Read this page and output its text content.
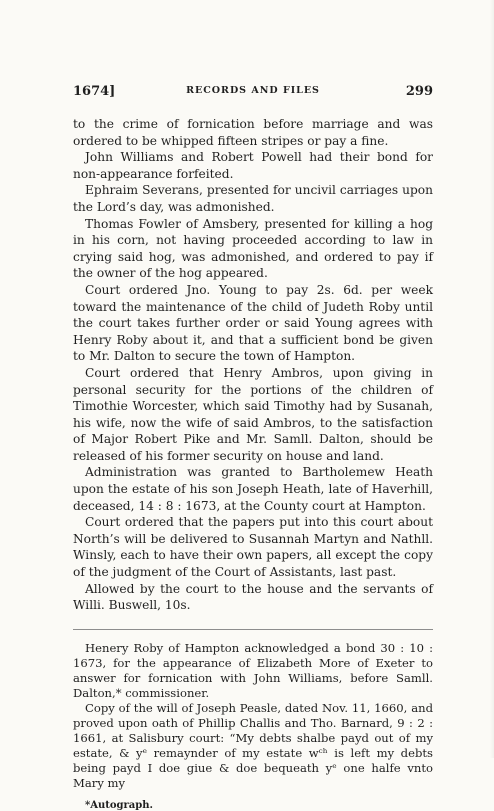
1674]	RECORDS AND FILES	299

to the crime of fornication before marriage and was ordered to be whipped fifteen stripes or pay a fine.

John Williams and Robert Powell had their bond for non-appearance forfeited.

Ephraim Severans, presented for uncivil carriages upon the Lord’s day, was admonished.

Thomas Fowler of Amsbery, presented for killing a hog in his corn, not having proceeded according to law in crying said hog, was admonished, and ordered to pay if the owner of the hog appeared.

Court ordered Jno. Young to pay 2s. 6d. per week toward the maintenance of the child of Judeth Roby until the court takes further order or said Young agrees with Henry Roby about it, and that a sufficient bond be given to Mr. Dalton to secure the town of Hampton.

Court ordered that Henry Ambros, upon giving in personal security for the portions of the children of Timothie Worcester, which said Timothy had by Susanah, his wife, now the wife of said Ambros, to the satisfaction of Major Robert Pike and Mr. Samll. Dalton, should be released of his former security on house and land.

Administration was granted to Bartholemew Heath upon the estate of his son Joseph Heath, late of Haverhill, deceased, 14 : 8 : 1673, at the County court at Hampton.

Court ordered that the papers put into this court about North’s will be delivered to Susannah Martyn and Nathll. Winsly, each to have their own papers, all except the copy of the judgment of the Court of Assistants, last past.

Allowed by the court to the house and the servants of Willi. Buswell, 10s.

Henery Roby of Hampton acknowledged a bond 30 : 10 : 1673, for the appearance of Elizabeth More of Exeter to answer for fornication with John Williams, before Samll. Dalton,* commissioner.

Copy of the will of Joseph Peasle, dated Nov. 11, 1660, and proved upon oath of Phillip Challis and Tho. Barnard, 9 : 2 : 1661, at Salisbury court: “My debts shalbe payd out of my estate, & yᵉ remaynder of my estate wᶜʰ is left my debts being payd I doe giue & doe bequeath yᵉ one halfe vnto Mary my

*Autograph.
